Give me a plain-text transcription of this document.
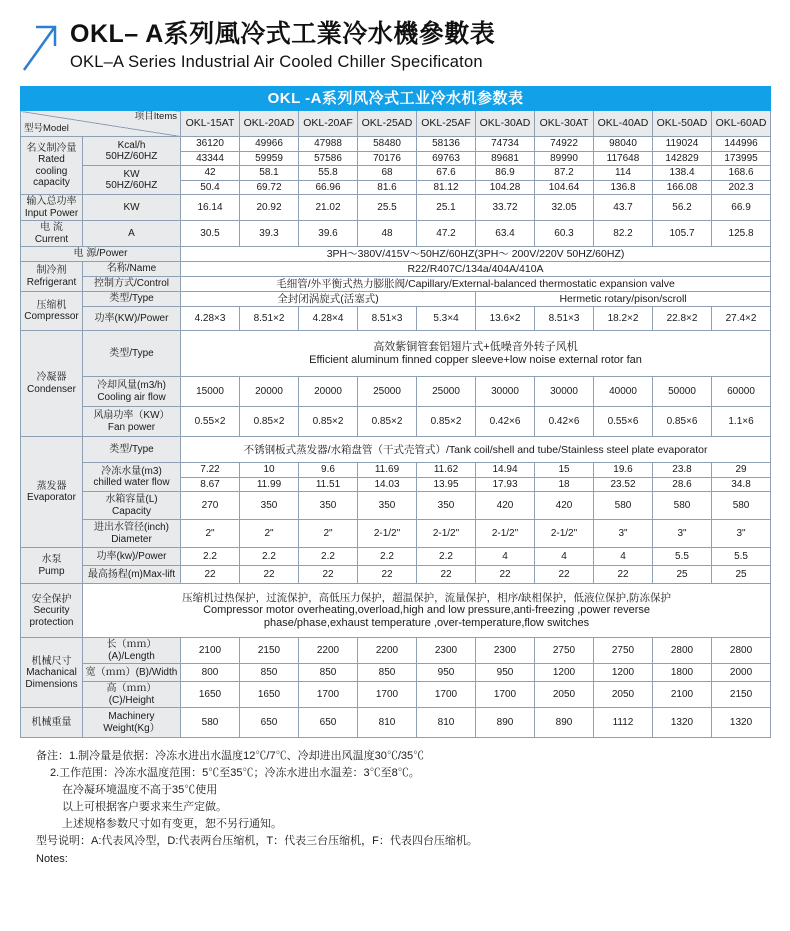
OKL– A系列風冷式工業冷水機參數表
OKL–A Series Industrial Air Cooled Chiller Specificaton
OKL -A系列风冷式工业冷水机参数表											

型号Model
项目Items		OKL-15AT	OKL-20AD	OKL-20AF	OKL-25AD	OKL-25AF	OKL-30AD	OKL-30AT	OKL-40AD	OKL-50AD	OKL-60AD

名义制冷量
Rated
cooling
capacity

Kcal/h
50HZ/60HZ
	36120	49966	47988	58480	58136	74734	74922	98040	119024	144996
		43344	59959	57586	70176	69763	89681	89990	117648	142829	173995

	KW
50HZ/60HZ	42	58.1	55.8	68	67.6	86.9	87.2	114	138.4	168.6
		50.4	69.72	66.96	81.6	81.12	104.28	104.64	136.8	166.08	202.3

输入总功率
Input Power	KW	16.14	20.92	21.02	25.5	25.1	33.72	32.05	43.7	56.2	66.9

电 流
Current	A	30.5	39.3	39.6	48	47.2	63.4	60.3	82.2	105.7	125.8
电 源/Power		3PH～380V/415V～50HZ/60HZ(3PH～ 200V/220V 50HZ/60HZ)									

制冷剂
Refrigerant	名称/Name	R22/R407C/134a/404A/410A									
	控制方式/Control	毛细管/外平衡式热力膨胀阀/Capillary/External-balanced thermostatic expansion valve									

压缩机
Compressor	类型/Type	全封闭涡旋式(活塞式)					Hermetic rotary/pison/scroll				
	功率(KW)/Power	4.28×3	8.51×2	4.28×4	8.51×3	5.3×4	13.6×2	8.51×3	18.2×2	22.8×2	27.4×2

冷凝器
Condenser
	类型/Type	
高效紫铜管套铝翅片式+低噪音外转子风机
Efficient aluminum finned copper sleeve+low noise external rotor fan

	冷却风量(m3/h)
Cooling air flow	15000	20000	20000	25000	25000	30000	30000	40000	50000	60000

	风扇功率（KW）
Fan power	0.55×2	0.85×2	0.85×2	0.85×2	0.85×2	0.42×6	0.42×6	0.55×6	0.85×6	1.1×6

蒸发器
Evaporator	类型/Type	不锈钢板式蒸发器/水箱盘管（干式壳管式）/Tank coil/shell and tube/Stainless steel plate evaporator									

	冷冻水量(m3)
chilled water flow	7.22	10	9.6	11.69	11.62	14.94	15	19.6	23.8	29
		8.67	11.99	11.51	14.03	13.95	17.93	18	23.52	28.6	34.8

	水箱容量(L)
Capacity	270	350	350	350	350	420	420	580	580	580

	进出水管径(inch)
Diameter	2"	2"	2"	2-1/2"	2-1/2"	2-1/2"	2-1/2"	3"	3"	3"

水泵
Pump	功率(kw)/Power	2.2	2.2	2.2	2.2	2.2	4	4	4	5.5	5.5
	最高扬程(m)Max-lift	22	22	22	22	22	22	22	22	25	25

安全保护
Security protection

压缩机过热保护，过流保护，高低压力保护，超温保护，流量保护，相序/缺相保护，低液位保护,防冻保护
Compressor motor overheating,overload,high and low pressure,anti-freezing ,power reverse
phase/phase,exhaust temperature ,over-temperature,flow switches

机械尺寸
Machanical
Dimensions	长（ｍｍ）(A)/Length	2100	2150	2200	2200	2300	2300	2750	2750	2800	2800
	宽（ｍｍ）(B)/Width	800	850	850	850	950	950	1200	1200	1800	2000
	高（ｍｍ）(C)/Height	1650	1650	1700	1700	1700	1700	2050	2050	2100	2150
机械重量	Machinery
Weight(Kg）	580	650	650	810	810	890	890	1112	1320	1320
备注：1.制冷量是依据：冷冻水进出水温度12℃/7℃、冷却进出风温度30℃/35℃
2.工作范围：冷冻水温度范围：5℃至35℃；冷冻水进出水温差：3℃至8℃。
在冷凝环境温度不高于35℃使用
以上可根据客户要求来生产定做。
上述规格参数尺寸如有变更，恕不另行通知。
型号说明：A:代表风冷型，D:代表两台压缩机，T：代表三台压缩机，F：代表四台压缩机。
Notes:
